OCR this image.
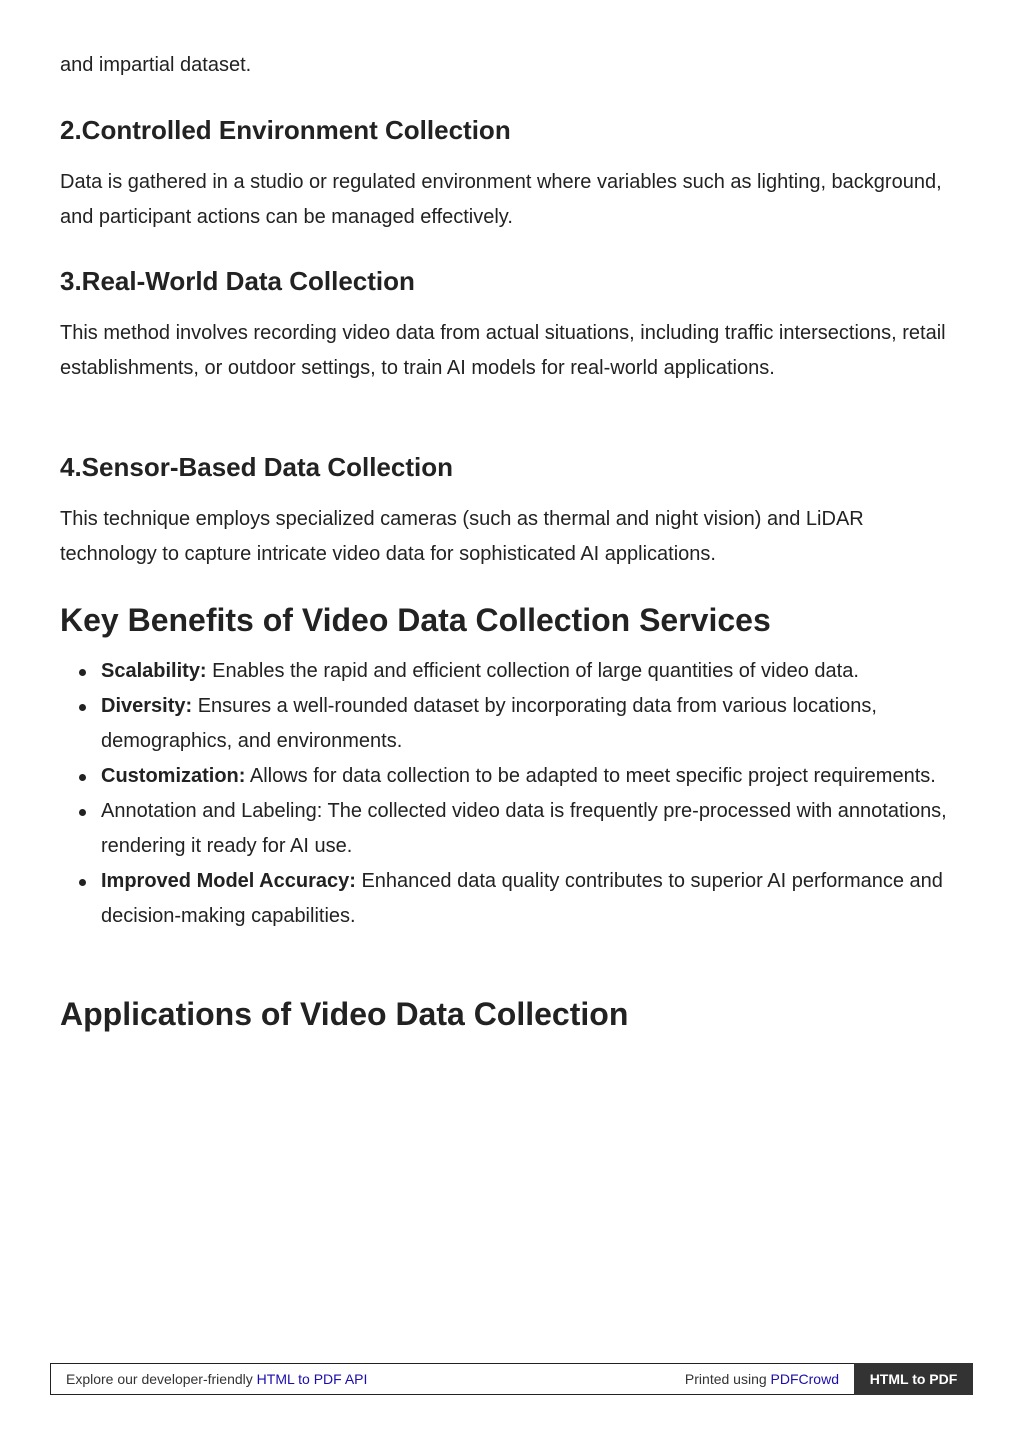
and impartial dataset.

2.Controlled Environment Collection

Data is gathered in a studio or regulated environment where variables such as lighting, background, and participant actions can be managed effectively.

3.Real-World Data Collection

This method involves recording video data from actual situations, including traffic intersections, retail establishments, or outdoor settings, to train AI models for real-world applications.

4.Sensor-Based Data Collection

This technique employs specialized cameras (such as thermal and night vision) and LiDAR technology to capture intricate video data for sophisticated AI applications.

Key Benefits of Video Data Collection Services
Scalability: Enables the rapid and efficient collection of large quantities of video data.
Diversity: Ensures a well-rounded dataset by incorporating data from various locations, demographics, and environments.
Customization: Allows for data collection to be adapted to meet specific project requirements.
Annotation and Labeling: The collected video data is frequently pre-processed with annotations, rendering it ready for AI use.
Improved Model Accuracy: Enhanced data quality contributes to superior AI performance and decision-making capabilities.
Applications of Video Data Collection
Explore our developer-friendly HTML to PDF API	Printed using PDFCrowd	HTML to PDF
